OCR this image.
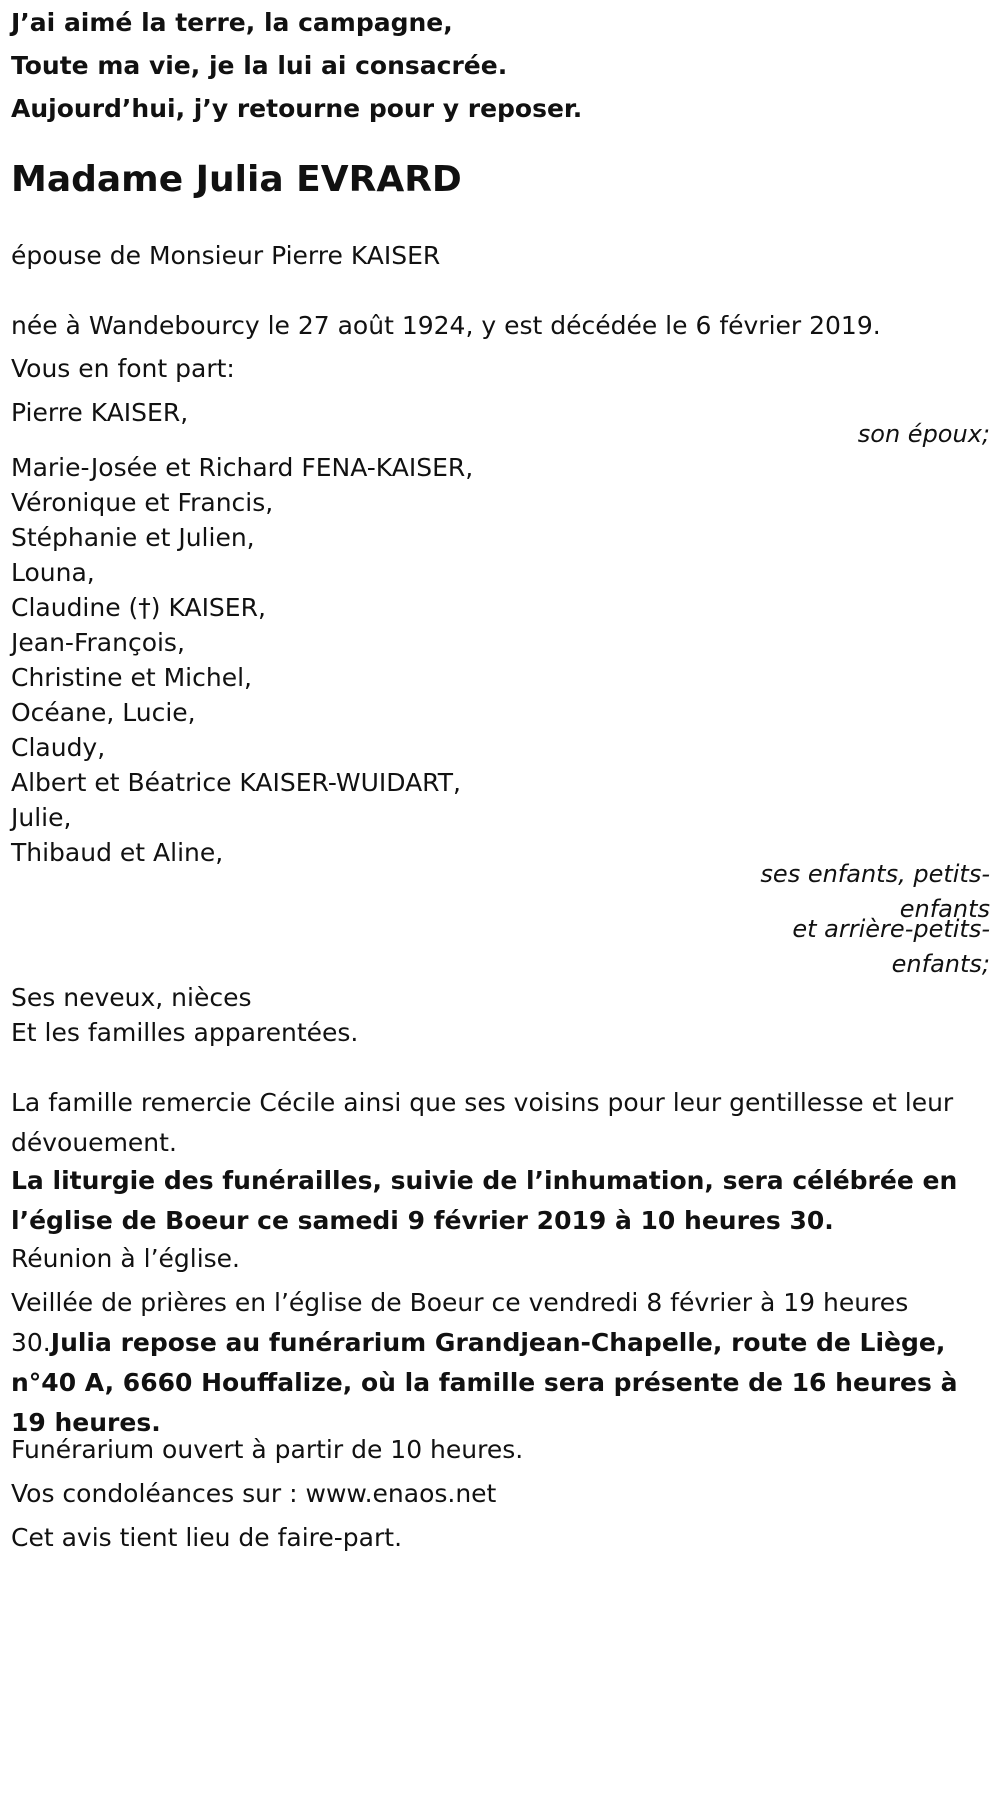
J’ai aimé la terre, la campagne,
Toute ma vie, je la lui ai consacrée.
Aujourd’hui, j’y retourne pour y reposer.
Madame Julia EVRARD
épouse de Monsieur Pierre KAISER
née à Wandebourcy le 27 août 1924, y est décédée le 6 février 2019.
Vous en font part:
Pierre KAISER,
son époux;
Marie-Josée et Richard FENA-KAISER,
Véronique et Francis,
Stéphanie et Julien,
Louna,
Claudine (†) KAISER,
Jean-François,
Christine et Michel,
Océane, Lucie,
Claudy,
Albert et Béatrice KAISER-WUIDART,
Julie,
Thibaud et Aline,
ses enfants, petits-
enfants
et arrière-petits-
enfants;
Ses neveux, nièces
Et les familles apparentées.
La famille remercie Cécile ainsi que ses voisins pour leur gentillesse et leur dévouement.
La liturgie des funérailles, suivie de l’inhumation, sera célébrée en l’église de Boeur ce samedi 9 février 2019 à 10 heures 30.
Réunion à l’église.
Veillée de prières en l’église de Boeur ce vendredi 8 février à 19 heures 30.Julia repose au funérarium Grandjean-Chapelle, route de Liège, n°40 A, 6660 Houffalize, où la famille sera présente de 16 heures à 19 heures.
Funérarium ouvert à partir de 10 heures.
Vos condoléances sur : www.enaos.net
Cet avis tient lieu de faire-part.
